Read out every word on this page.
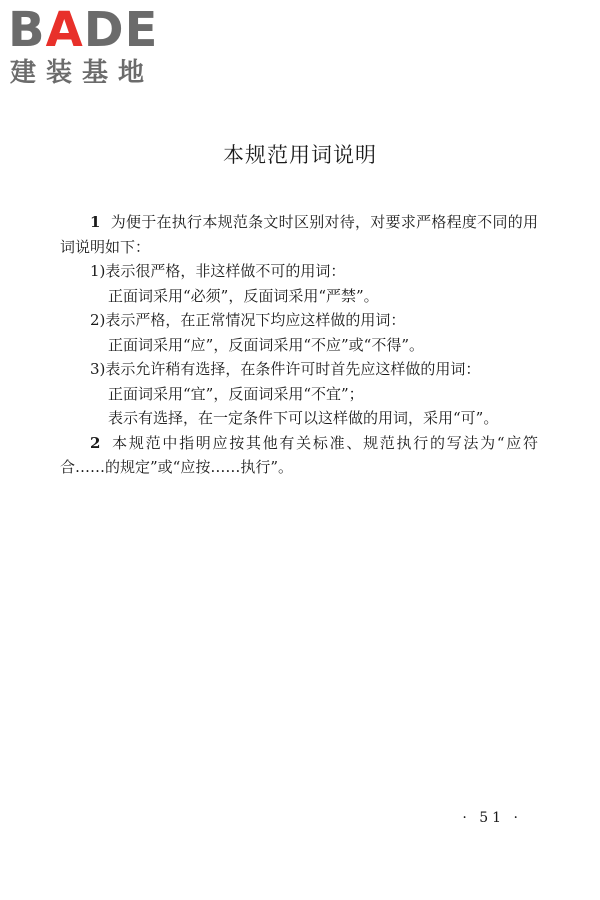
BADE
建装基地
本规范用词说明

1 为便于在执行本规范条文时区别对待，对要求严格程度不同的用词说明如下：

1)表示很严格，非这样做不可的用词：

正面词采用“必须”，反面词采用“严禁”。

2)表示严格，在正常情况下均应这样做的用词：

正面词采用“应”，反面词采用“不应”或“不得”。

3)表示允许稍有选择，在条件许可时首先应这样做的用词：

正面词采用“宜”，反面词采用“不宜”；

表示有选择，在一定条件下可以这样做的用词，采用“可”。

2 本规范中指明应按其他有关标准、规范执行的写法为“应符合……的规定”或“应按……执行”。

· 51 ·
